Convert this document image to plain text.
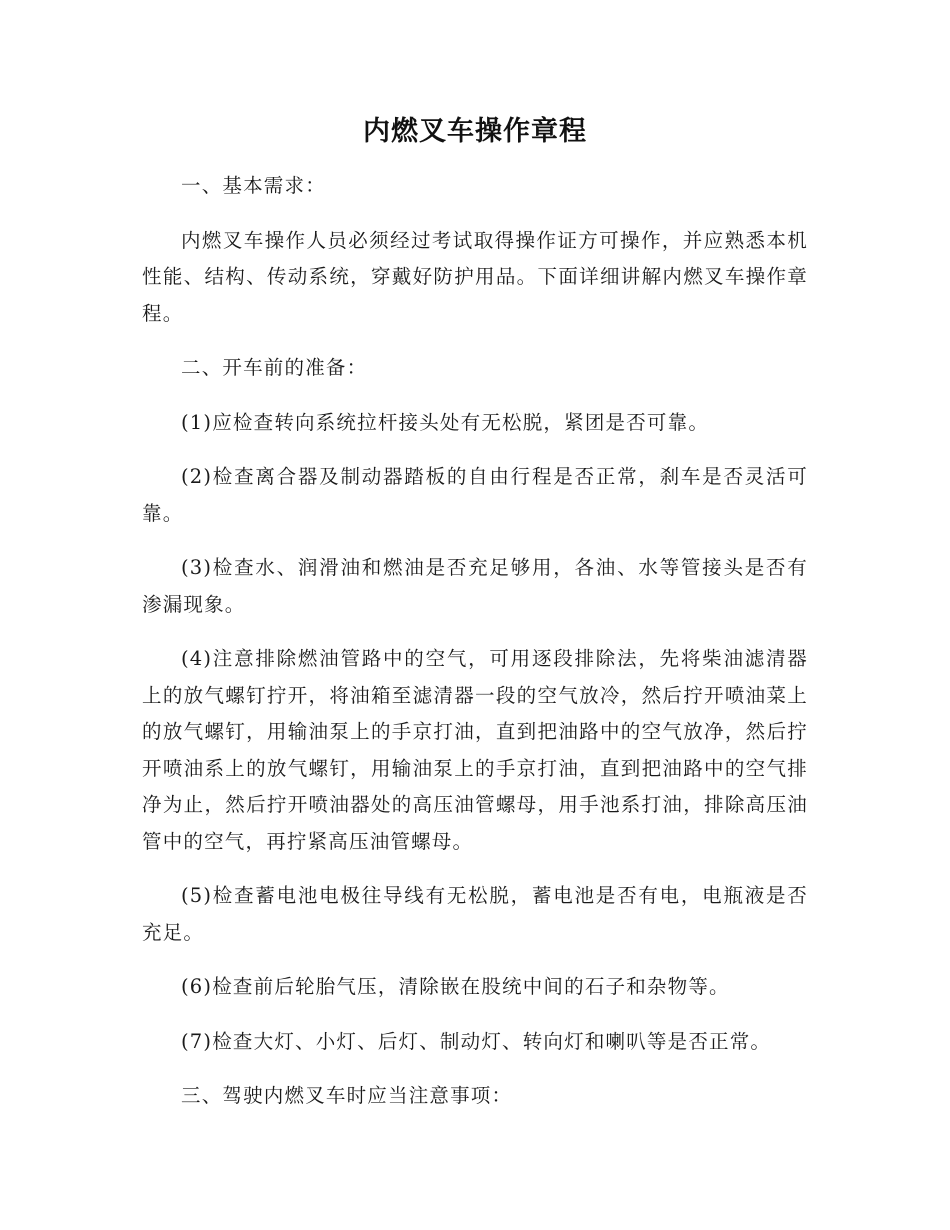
内燃叉车操作章程

一、基本需求：

内燃叉车操作人员必须经过考试取得操作证方可操作，并应熟悉本机性能、结构、传动系统，穿戴好防护用品。下面详细讲解内燃叉车操作章程。

二、开车前的准备：

(1)应检查转向系统拉杆接头处有无松脱，紧团是否可靠。

(2)检查离合器及制动器踏板的自由行程是否正常，刹车是否灵活可靠。

(3)检查水、润滑油和燃油是否充足够用，各油、水等管接头是否有渗漏现象。

(4)注意排除燃油管路中的空气，可用逐段排除法，先将柴油滤清器上的放气螺钉拧开，将油箱至滤清器一段的空气放冷，然后拧开喷油菜上的放气螺钉，用输油泵上的手京打油，直到把油路中的空气放净，然后拧开喷油系上的放气螺钉，用输油泵上的手京打油，直到把油路中的空气排净为止，然后拧开喷油器处的高压油管螺母，用手池系打油，排除高压油管中的空气，再拧紧高压油管螺母。

(5)检查蓄电池电极往导线有无松脱，蓄电池是否有电，电瓶液是否充足。

(6)检查前后轮胎气压，清除嵌在股统中间的石子和杂物等。

(7)检查大灯、小灯、后灯、制动灯、转向灯和喇叭等是否正常。

三、驾驶内燃叉车时应当注意事项：
